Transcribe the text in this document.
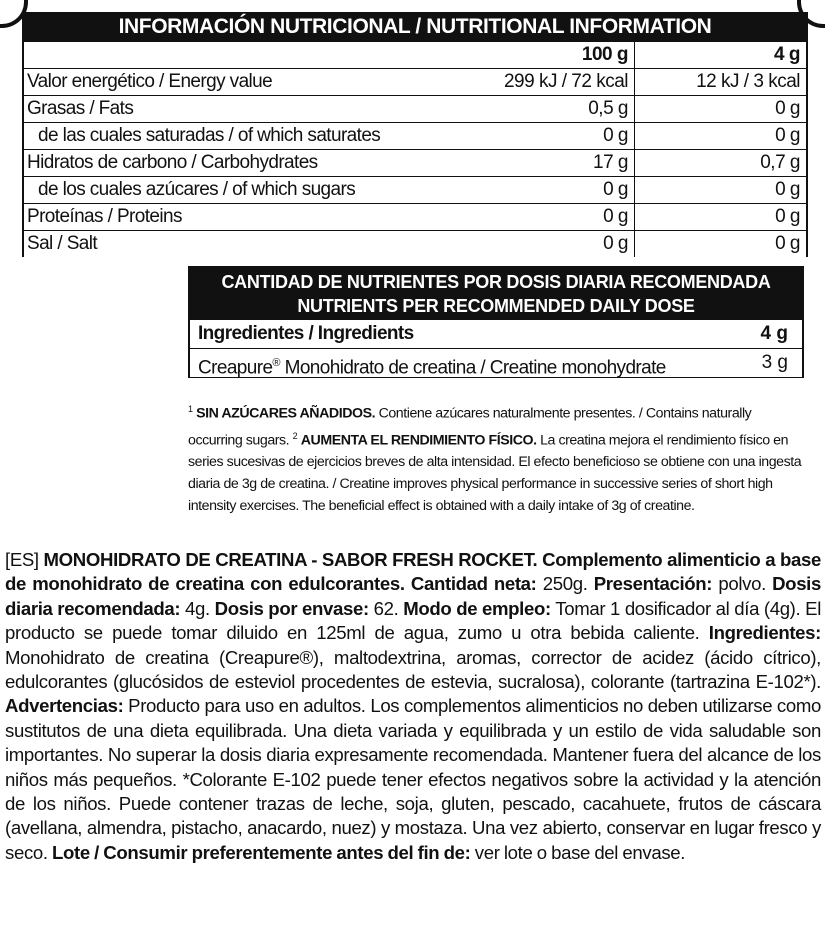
INFORMACIÓN NUTRICIONAL / NUTRITIONAL INFORMATION
100 g	4 g
Valor energético / Energy value	299 kJ / 72 kcal	12 kJ / 3 kcal
Grasas / Fats	0,5 g	0 g
de las cuales saturadas / of which saturates	0 g	0 g
Hidratos de carbono / Carbohydrates	17 g	0,7 g
de los cuales azúcares / of which sugars	0 g	0 g
Proteínas / Proteins	0 g	0 g
Sal / Salt	0 g	0 g
CANTIDAD DE NUTRIENTES POR DOSIS DIARIA RECOMENDADA
NUTRIENTS PER RECOMMENDED DAILY DOSE
Ingredientes / Ingredients	4 g
Creapure® Monohidrato de creatina / Creatine monohydrate	3 g
$^1$ SIN AZÚCARES AÑADIDOS. Contiene azúcares naturalmente presentes. / Contains naturally occurring sugars. $^2$ AUMENTA EL RENDIMIENTO FÍSICO. La creatina mejora el rendimiento físico en series sucesivas de ejercicios breves de alta intensidad. El efecto beneficioso se obtiene con una ingesta diaria de 3g de creatina. / Creatine improves physical performance in successive series of short high intensity exercises. The beneficial effect is obtained with a daily intake of 3g of creatine.
[ES] MONOHIDRATO DE CREATINA - SABOR FRESH ROCKET. Complemento alimenticio a base de monohidrato de creatina con edulcorantes. Cantidad neta: 250g. Presentación: polvo. Dosis diaria recomendada: 4g. Dosis por envase: 62. Modo de empleo: Tomar 1 dosificador al día (4g). El producto se puede tomar diluido en 125ml de agua, zumo u otra bebida caliente. Ingredientes: Monohidrato de creatina (Creapure®), maltodextrina, aromas, corrector de acidez (ácido cítrico), edulcorantes (glucósidos de esteviol procedentes de estevia, sucralosa), colorante (tartrazina E-102*). Advertencias: Producto para uso en adultos. Los complementos alimenticios no deben utilizarse como sustitutos de una dieta equilibrada. Una dieta variada y equilibrada y un estilo de vida saludable son importantes. No superar la dosis diaria expresamente recomendada. Mantener fuera del alcance de los niños más pequeños. *Colorante E-102 puede tener efectos negativos sobre la actividad y la atención de los niños. Puede contener trazas de leche, soja, gluten, pescado, cacahuete, frutos de cáscara (avellana, almendra, pistacho, anacardo, nuez) y mostaza. Una vez abierto, conservar en lugar fresco y seco. Lote / Consumir preferentemente antes del fin de: ver lote o base del envase.
